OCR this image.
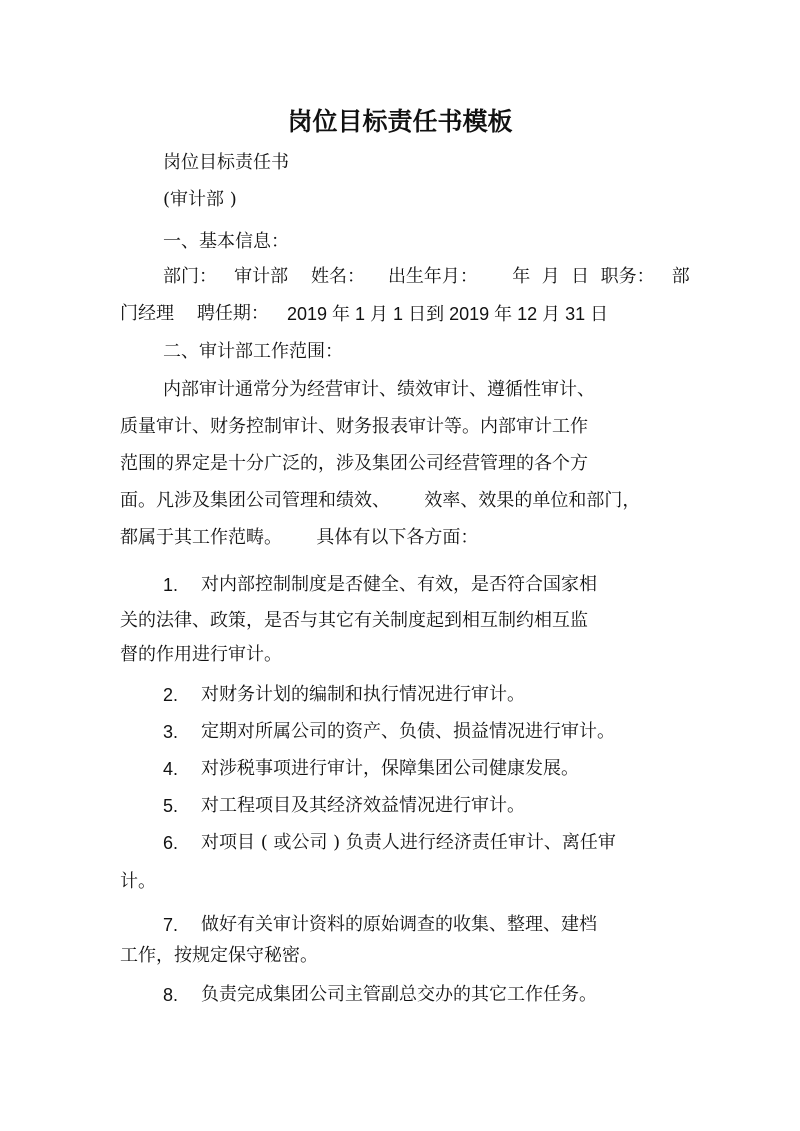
岗位目标责任书模板

岗位目标责任书

(审计部 )

一、基本信息：

部门：   审计部    姓名：    出生年月：      年  月  日  职务：   部

门经理    聘任期： 2019 年 1 月 1 日到 2019 年 12 月 31 日

二、审计部工作范围：

内部审计通常分为经营审计、绩效审计、遵循性审计、

质量审计、财务控制审计、财务报表审计等。内部审计工作

范围的界定是十分广泛的，涉及集团公司经营管理的各个方

面。凡涉及集团公司管理和绩效、      效率、效果的单位和部门，

都属于其工作范畴。      具体有以下各方面：

1. 对内部控制制度是否健全、有效，是否符合国家相
关的法律、政策，是否与其它有关制度起到相互制约相互监
督的作用进行审计。
2. 对财务计划的编制和执行情况进行审计。
3. 定期对所属公司的资产、负债、损益情况进行审计。
4. 对涉税事项进行审计，保障集团公司健康发展。
5. 对工程项目及其经济效益情况进行审计。
6. 对项目 ( 或公司 ) 负责人进行经济责任审计、离任审
计。
7. 做好有关审计资料的原始调查的收集、整理、建档
工作，按规定保守秘密。
8. 负责完成集团公司主管副总交办的其它工作任务。
